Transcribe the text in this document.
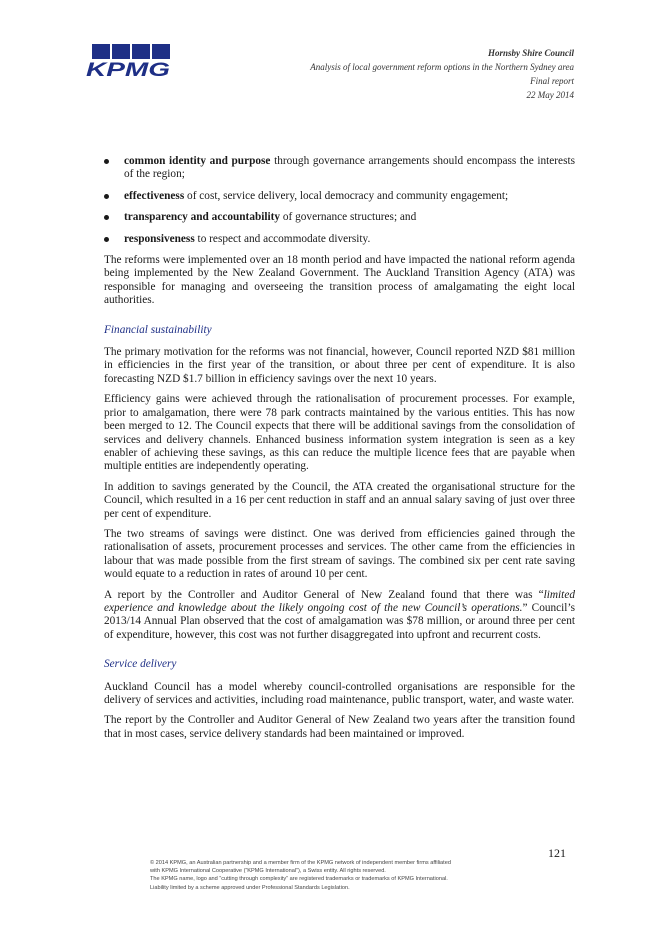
KPMG
Hornsby Shire Council
Analysis of local government reform options in the Northern Sydney area
Final report
22 May 2014
common identity and purpose through governance arrangements should encompass the interests of the region;
effectiveness of cost, service delivery, local democracy and community engagement;
transparency and accountability of governance structures; and
responsiveness to respect and accommodate diversity.

The reforms were implemented over an 18 month period and have impacted the national reform agenda being implemented by the New Zealand Government. The Auckland Transition Agency (ATA) was responsible for managing and overseeing the transition process of amalgamating the eight local authorities.

Financial sustainability

The primary motivation for the reforms was not financial, however, Council reported NZD $81 million in efficiencies in the first year of the transition, or about three per cent of expenditure. It is also forecasting NZD $1.7 billion in efficiency savings over the next 10 years.

Efficiency gains were achieved through the rationalisation of procurement processes. For example, prior to amalgamation, there were 78 park contracts maintained by the various entities. This has now been merged to 12. The Council expects that there will be additional savings from the consolidation of services and delivery channels. Enhanced business information system integration is seen as a key enabler of achieving these savings, as this can reduce the multiple licence fees that are payable when multiple entities are independently operating.

In addition to savings generated by the Council, the ATA created the organisational structure for the Council, which resulted in a 16 per cent reduction in staff and an annual salary saving of just over three per cent of expenditure.

The two streams of savings were distinct. One was derived from efficiencies gained through the rationalisation of assets, procurement processes and services. The other came from the efficiencies in labour that was made possible from the first stream of savings. The combined six per cent rate saving would equate to a reduction in rates of around 10 per cent.

A report by the Controller and Auditor General of New Zealand found that there was “limited experience and knowledge about the likely ongoing cost of the new Council’s operations.” Council’s 2013/14 Annual Plan observed that the cost of amalgamation was $78 million, or around three per cent of expenditure, however, this cost was not further disaggregated into upfront and recurrent costs.

Service delivery

Auckland Council has a model whereby council-controlled organisations are responsible for the delivery of services and activities, including road maintenance, public transport, water, and waste water.

The report by the Controller and Auditor General of New Zealand two years after the transition found that in most cases, service delivery standards had been maintained or improved.

121
© 2014 KPMG, an Australian partnership and a member firm of the KPMG network of independent member firms affiliated
with KPMG International Cooperative (“KPMG International”), a Swiss entity. All rights reserved.
The KPMG name, logo and “cutting through complexity” are registered trademarks or trademarks of KPMG International.
Liability limited by a scheme approved under Professional Standards Legislation.
